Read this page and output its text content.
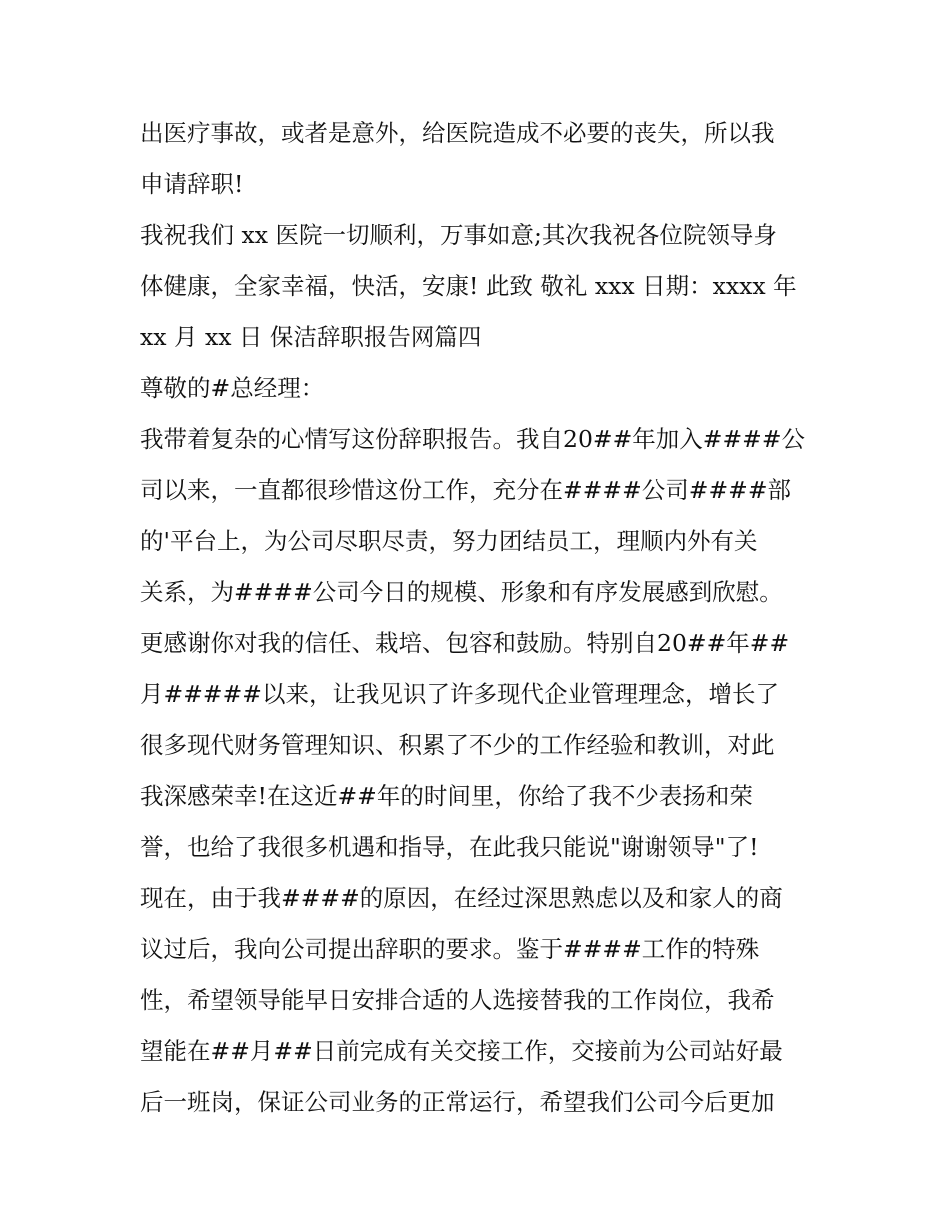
出医疗事故，或者是意外，给医院造成不必要的丧失，所以我
申请辞职!
我祝我们 xx 医院一切顺利，万事如意;其次我祝各位院领导身
体健康，全家幸福，快活，安康! 此致 敬礼 xxx 日期：xxxx 年
xx 月 xx 日 保洁辞职报告网篇四
尊敬的#总经理：
我带着复杂的心情写这份辞职报告。我自20##年加入####公
司以来，一直都很珍惜这份工作，充分在####公司####部
的'平台上，为公司尽职尽责，努力团结员工，理顺内外有关
关系，为####公司今日的规模、形象和有序发展感到欣慰。
更感谢你对我的信任、栽培、包容和鼓励。特别自20##年##
月#####以来，让我见识了许多现代企业管理理念，增长了
很多现代财务管理知识、积累了不少的工作经验和教训，对此
我深感荣幸!在这近##年的时间里，你给了我不少表扬和荣
誉，也给了我很多机遇和指导，在此我只能说"谢谢领导"了!
现在，由于我####的原因，在经过深思熟虑以及和家人的商
议过后，我向公司提出辞职的要求。鉴于####工作的特殊
性，希望领导能早日安排合适的人选接替我的工作岗位，我希
望能在##月##日前完成有关交接工作，交接前为公司站好最
后一班岗，保证公司业务的正常运行，希望我们公司今后更加
